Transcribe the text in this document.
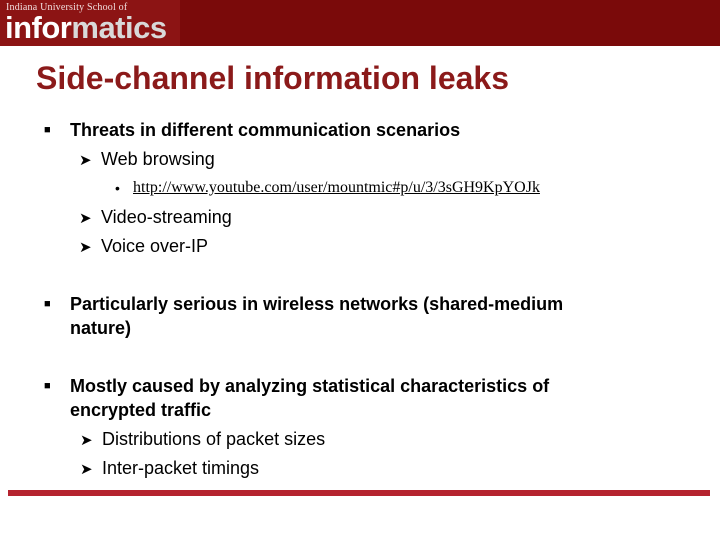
Indiana University School of
informatics
Side-channel information leaks
■ Threats in different communication scenarios
➤ Web browsing
• http://www.youtube.com/user/mountmic#p/u/3/3sGH9KpYOJk
➤ Video-streaming
➤ Voice over-IP
■ Particularly serious in wireless networks (shared-medium
nature)
■ Mostly caused by analyzing statistical characteristics of
encrypted traffic
➤ Distributions of packet sizes
➤ Inter-packet timings
